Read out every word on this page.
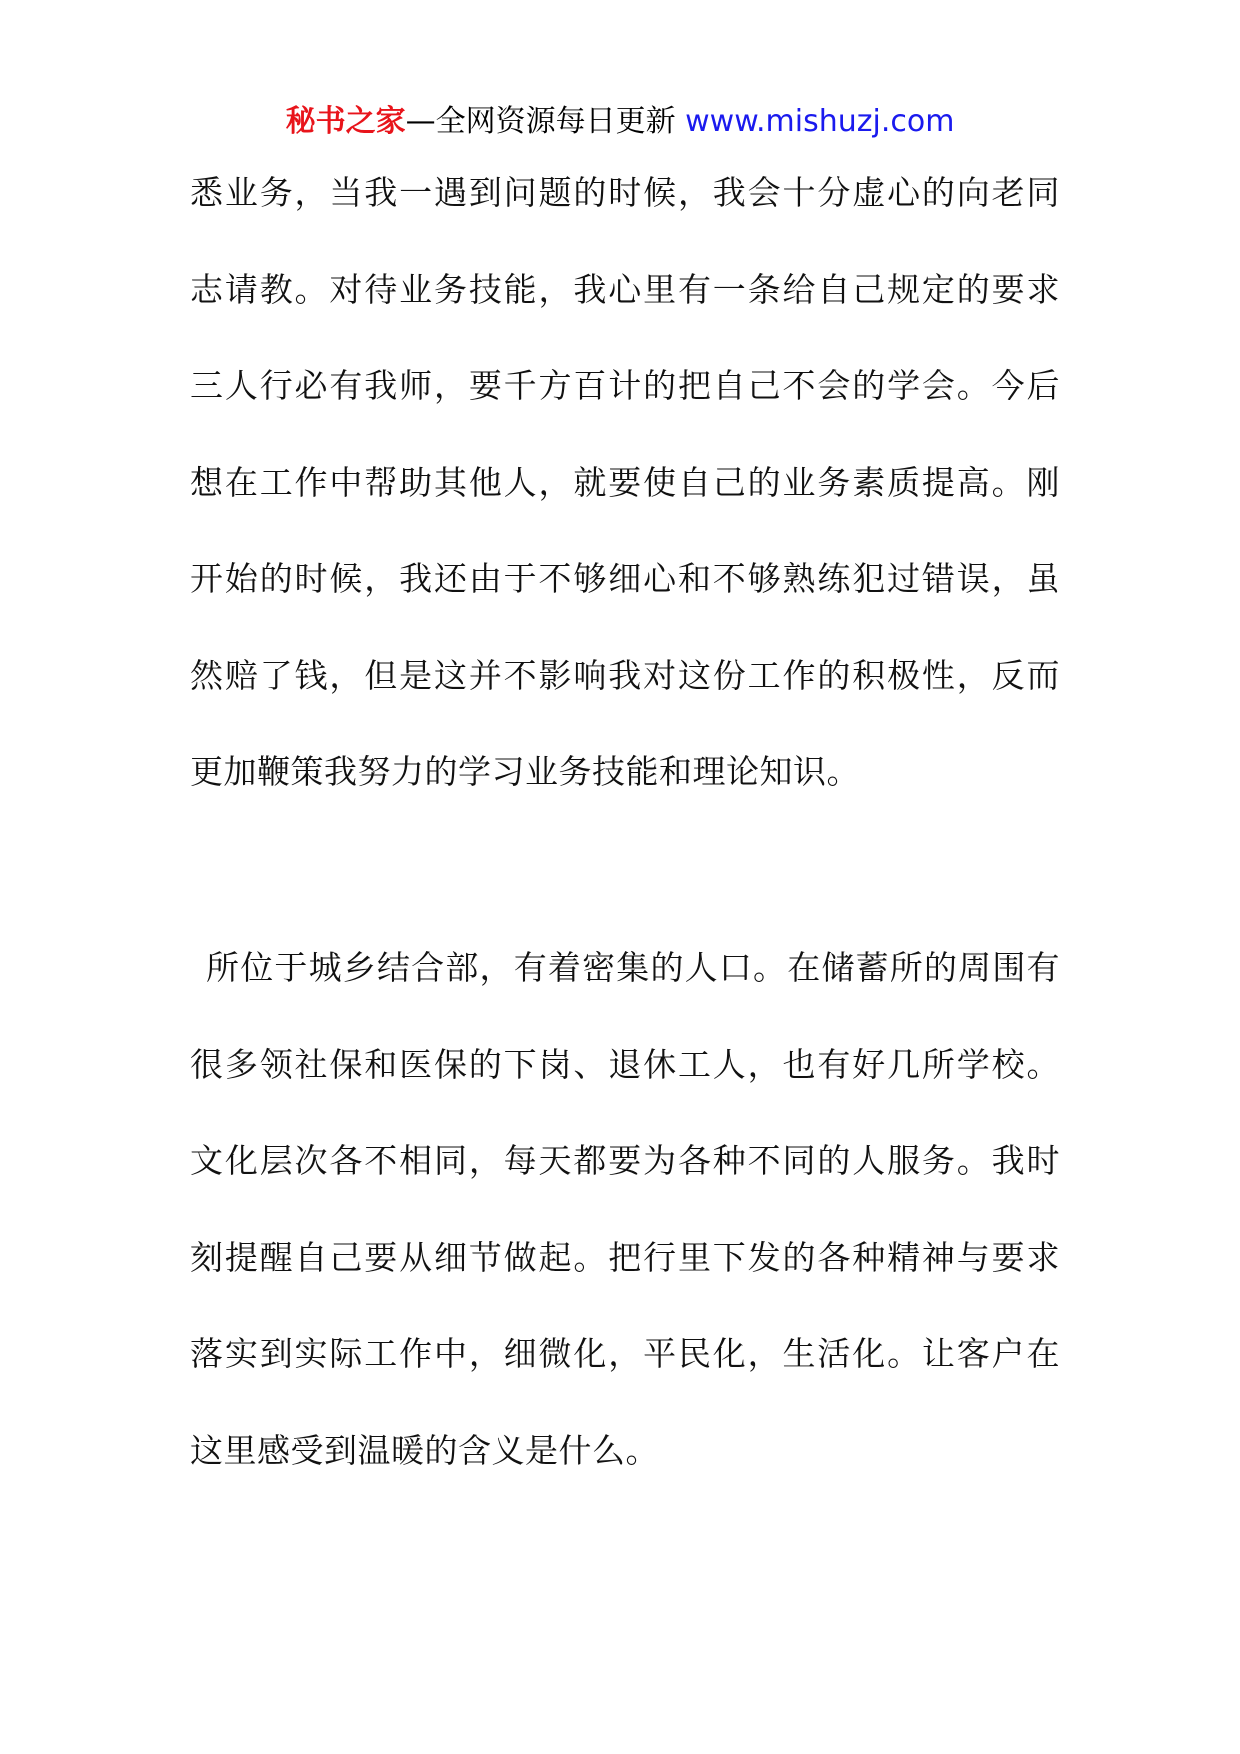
秘书之家—全网资源每日更新 www.mishuzj.com

悉业务，当我一遇到问题的时候，我会十分虚心的向老同志请教。对待业务技能，我心里有一条给自己规定的要求三人行必有我师，要千方百计的把自己不会的学会。今后想在工作中帮助其他人，就要使自己的业务素质提高。刚开始的时候，我还由于不够细心和不够熟练犯过错误，虽然赔了钱，但是这并不影响我对这份工作的积极性，反而更加鞭策我努力的学习业务技能和理论知识。

所位于城乡结合部，有着密集的人口。在储蓄所的周围有很多领社保和医保的下岗、退休工人，也有好几所学校。文化层次各不相同，每天都要为各种不同的人服务。我时刻提醒自己要从细节做起。把行里下发的各种精神与要求落实到实际工作中，细微化，平民化，生活化。让客户在这里感受到温暖的含义是什么。
